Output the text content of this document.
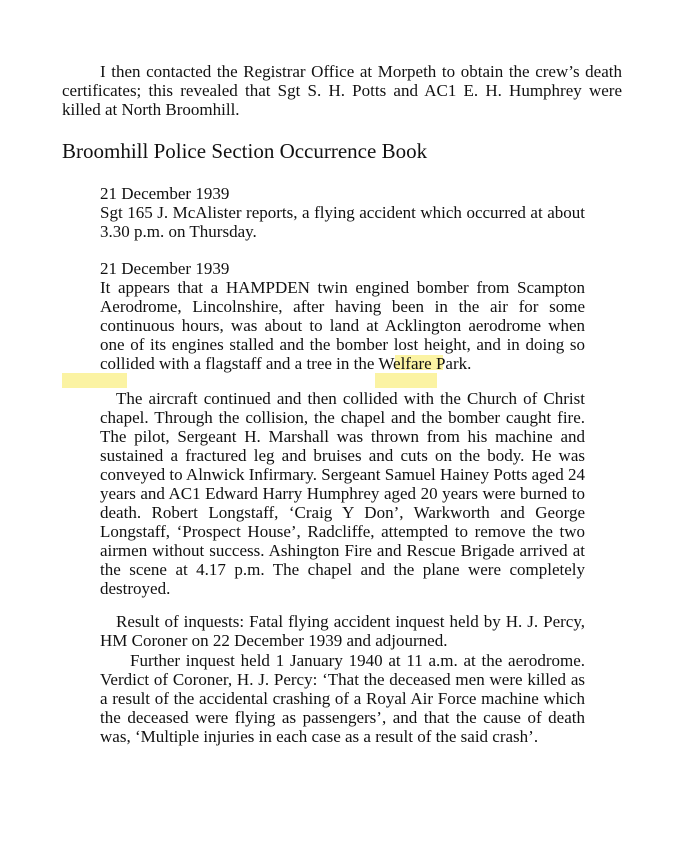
I then contacted the Registrar Office at Morpeth to obtain the crew’s death certificates; this revealed that Sgt S. H. Potts and AC1 E. H. Humphrey were killed at North Broomhill.

Broomhill Police Section Occurrence Book

21 December 1939

Sgt 165 J. McAlister reports, a flying accident which occurred at about 3.30 p.m. on Thursday.

21 December 1939

It appears that a HAMPDEN twin engined bomber from Scampton Aerodrome, Lincolnshire, after having been in the air for some continuous hours, was about to land at Acklington aerodrome when one of its engines stalled and the bomber lost height, and in doing so collided with a flagstaff and a tree in the Welfare Park.

The aircraft continued and then collided with the Church of Christ chapel. Through the collision, the chapel and the bomber caught fire. The pilot, Sergeant H. Marshall was thrown from his machine and sustained a fractured leg and bruises and cuts on the body. He was conveyed to Alnwick Infirmary. Sergeant Samuel Hainey Potts aged 24 years and AC1 Edward Harry Humphrey aged 20 years were burned to death. Robert Longstaff, ‘Craig Y Don’, Warkworth and George Longstaff, ‘Prospect House’, Radcliffe, attempted to remove the two airmen without success. Ashington Fire and Rescue Brigade arrived at the scene at 4.17 p.m. The chapel and the plane were completely destroyed.

Result of inquests: Fatal flying accident inquest held by H. J. Percy, HM Coroner on 22 December 1939 and adjourned.

Further inquest held 1 January 1940 at 11 a.m. at the aerodrome. Verdict of Coroner, H. J. Percy: ‘That the deceased men were killed as a result of the accidental crashing of a Royal Air Force machine which the deceased were flying as passengers’, and that the cause of death was, ‘Multiple injuries in each case as a result of the said crash’.
